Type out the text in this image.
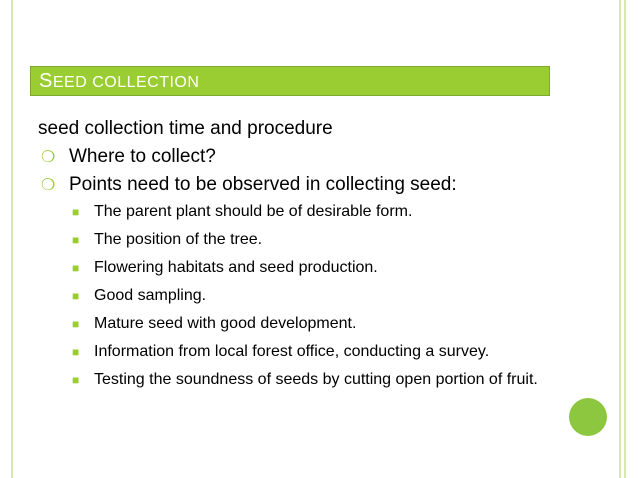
SEED COLLECTION
seed collection time and procedure
❍ Where to collect?
❍ Points need to be observed in collecting seed:
■ The parent plant should be of desirable form.
■ The position of the tree.
■ Flowering habitats and seed production.
■ Good sampling.
■ Mature seed with good development.
■ Information from local forest office, conducting a survey.
■ Testing the soundness of seeds by cutting open portion of fruit.
